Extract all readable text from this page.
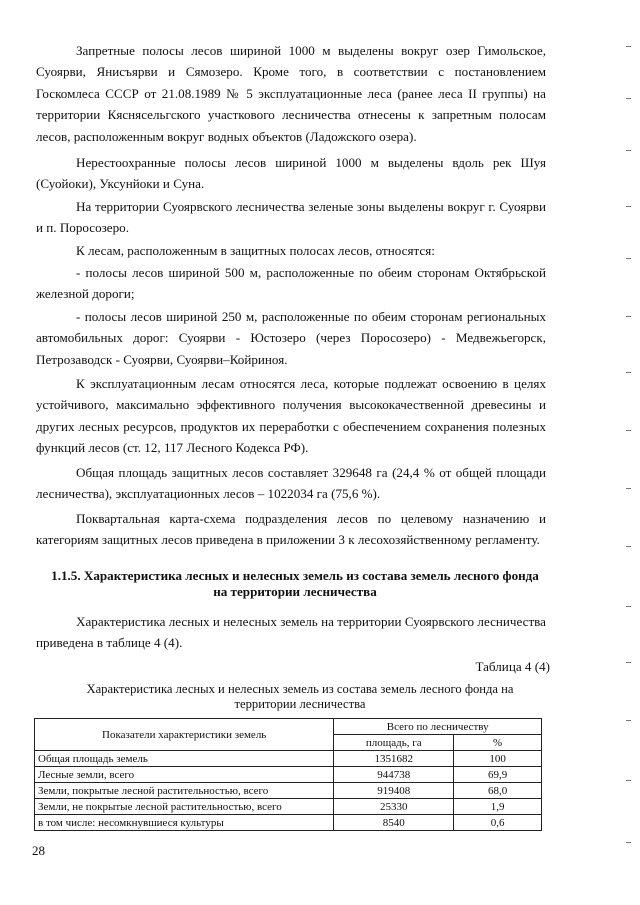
Запретные полосы лесов шириной 1000 м выделены вокруг озер Гимольское, Суоярви, Янисъярви и Сямозеро. Кроме того, в соответствии с постановлением Госкомлеса СССР от 21.08.1989 № 5 эксплуатационные леса (ранее леса II группы) на территории Кяснясельгского участкового лесничества отнесены к запретным полосам лесов, расположенным вокруг водных объектов (Ладожского озера).

Нерестоохранные полосы лесов шириной 1000 м выделены вдоль рек Шуя (Суойоки), Уксунйоки и Суна.

На территории Суоярвского лесничества зеленые зоны выделены вокруг г. Суоярви и п. Поросозеро.

К лесам, расположенным в защитных полосах лесов, относятся:

- полосы лесов шириной 500 м, расположенные по обеим сторонам Октябрьской железной дороги;

- полосы лесов шириной 250 м, расположенные по обеим сторонам региональных автомобильных дорог: Суоярви - Юстозеро (через Поросозеро) - Медвежьегорск, Петрозаводск - Суоярви, Суоярви–Койриноя.

К эксплуатационным лесам относятся леса, которые подлежат освоению в целях устойчивого, максимально эффективного получения высококачественной древесины и других лесных ресурсов, продуктов их переработки с обеспечением сохранения полезных функций лесов (ст. 12, 117 Лесного Кодекса РФ).

Общая площадь защитных лесов составляет 329648 га (24,4 % от общей площади лесничества), эксплуатационных лесов – 1022034 га (75,6 %).

Поквартальная карта-схема подразделения лесов по целевому назначению и категориям защитных лесов приведена в приложении 3 к лесохозяйственному регламенту.

1.1.5. Характеристика лесных и нелесных земель из состава земель лесного фонда на территории лесничества

Характеристика лесных и нелесных земель на территории Суоярвского лесничества приведена в таблице 4 (4).

Таблица 4 (4)

Характеристика лесных и нелесных земель из состава земель лесного фонда на территории лесничества

Показатели характеристики земель	Всего по лесничеству	
	площадь, га	%
Общая площадь земель	1351682	100
Лесные земли, всего	944738	69,9
Земли, покрытые лесной растительностью, всего	919408	68,0
Земли, не покрытые лесной растительностью, всего	25330	1,9
в том числе: несомкнувшиеся культуры	8540	0,6
28
